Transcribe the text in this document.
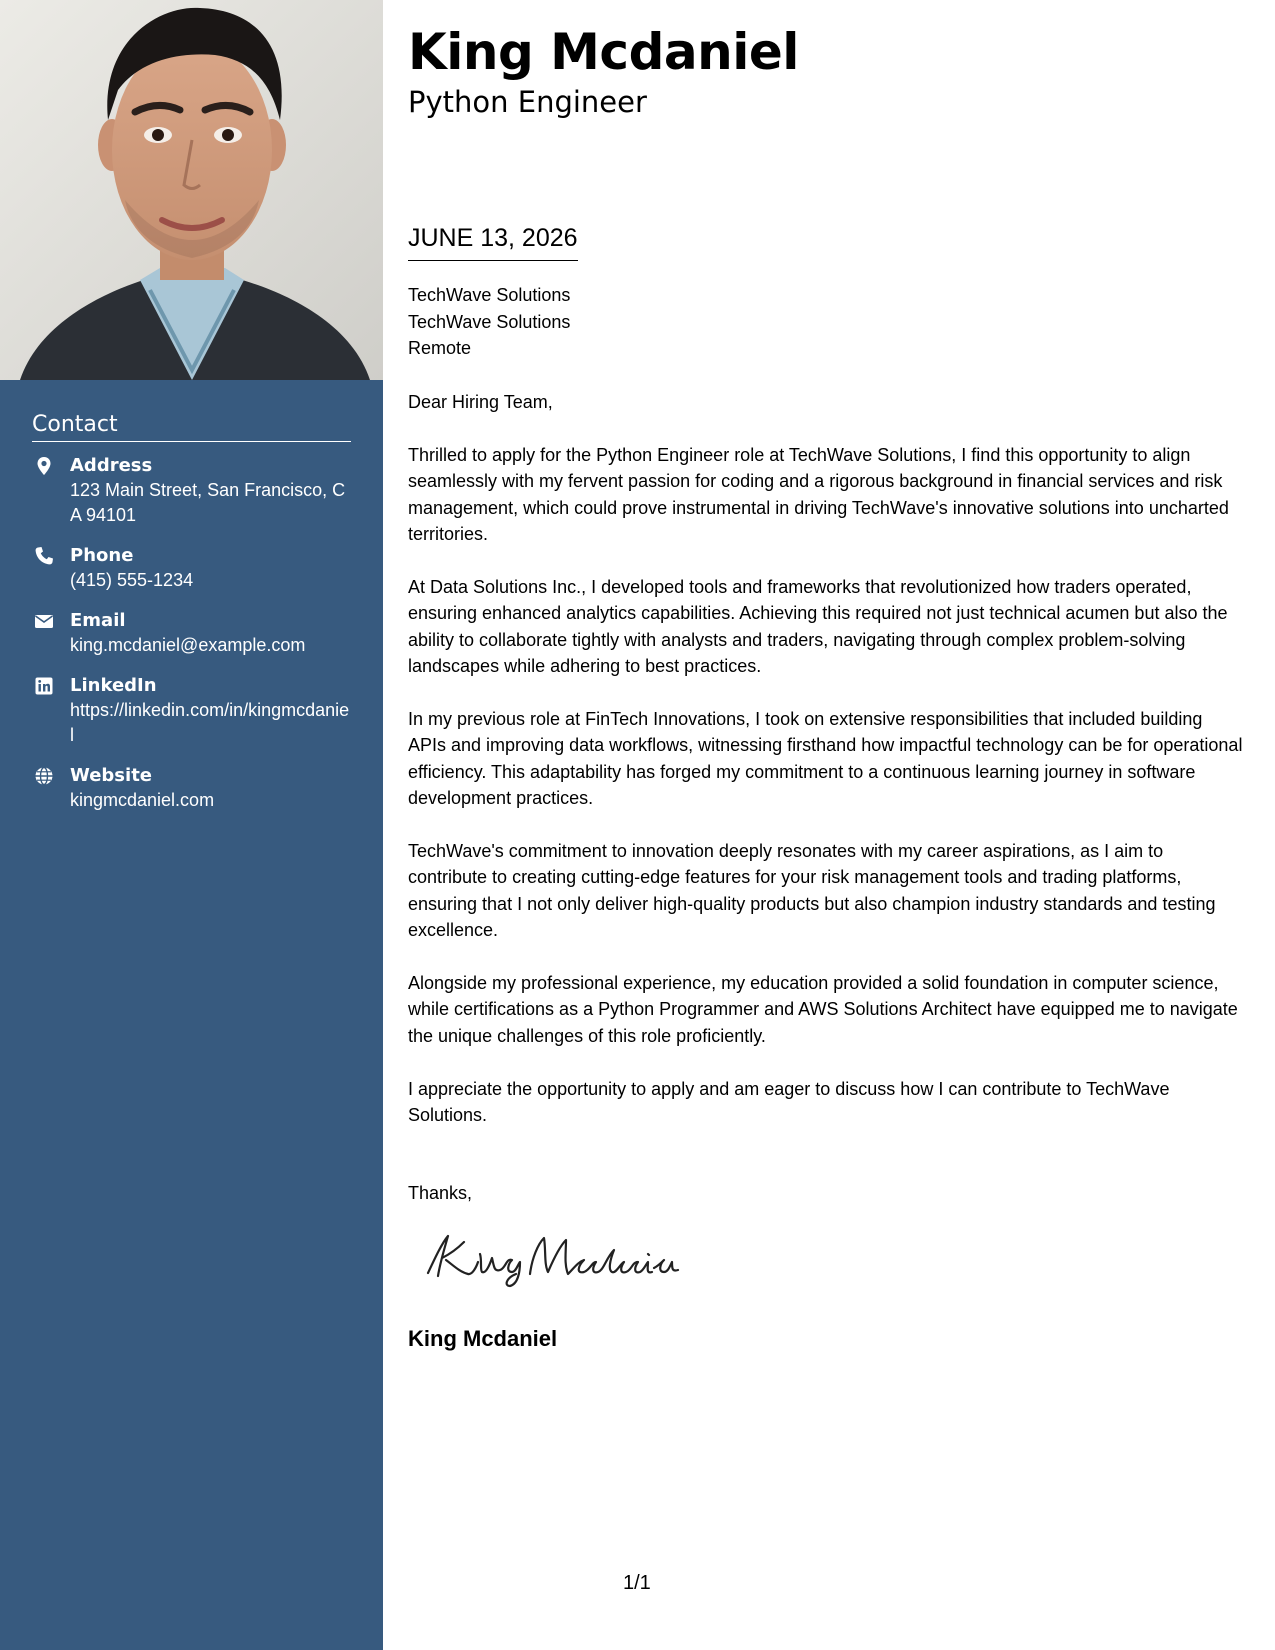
Contact
Address
123 Main Street, San Francisco, CA 94101
Phone
(415) 555-1234
Email
king.mcdaniel@example.com
LinkedIn
https://linkedin.com/in/kingmcdaniel
Website
kingmcdaniel.com
King Mcdaniel
Python Engineer
JUNE 13, 2026
TechWave Solutions
TechWave Solutions
Remote
Dear Hiring Team,

Thrilled to apply for the Python Engineer role at TechWave Solutions, I find this opportunity to align seamlessly with my fervent passion for coding and a rigorous background in financial services and risk management, which could prove instrumental in driving TechWave's innovative solutions into uncharted territories.

At Data Solutions Inc., I developed tools and frameworks that revolutionized how traders operated, ensuring enhanced analytics capabilities. Achieving this required not just technical acumen but also the ability to collaborate tightly with analysts and traders, navigating through complex problem-solving landscapes while adhering to best practices.

In my previous role at FinTech Innovations, I took on extensive responsibilities that included building APIs and improving data workflows, witnessing firsthand how impactful technology can be for operational efficiency. This adaptability has forged my commitment to a continuous learning journey in software development practices.

TechWave's commitment to innovation deeply resonates with my career aspirations, as I aim to contribute to creating cutting-edge features for your risk management tools and trading platforms, ensuring that I not only deliver high-quality products but also champion industry standards and testing excellence.

Alongside my professional experience, my education provided a solid foundation in computer science, while certifications as a Python Programmer and AWS Solutions Architect have equipped me to navigate the unique challenges of this role proficiently.

I appreciate the opportunity to apply and am eager to discuss how I can contribute to TechWave Solutions.

Thanks,
King Mcdaniel
1/1
